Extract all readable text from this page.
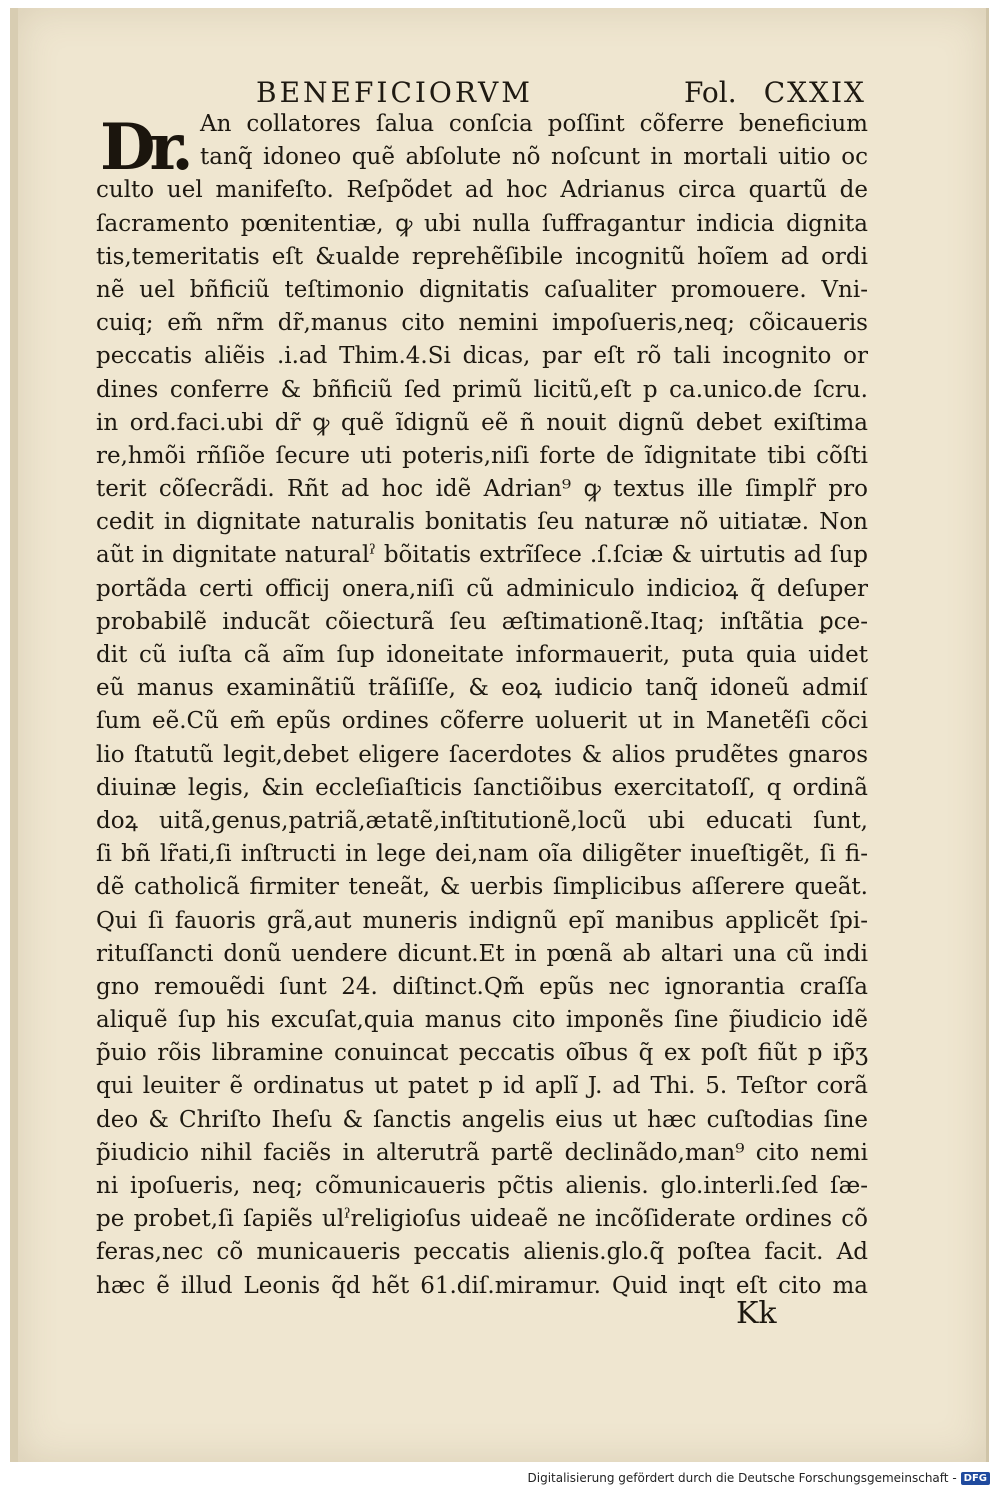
BENEFICIORVM	Fol. CXXIX
An collatores ſalua conſcia poſſint cõferre beneficium
tanq̃ idoneo quẽ abſolute nõ noſcunt in mortali uitio oc
culto uel manifeſto. Reſpõdet ad hoc Adrianus circa quartũ de
ſacramento pœnitentiæ, ꝙ ubi nulla ſuffragantur indicia dignita
tis,temeritatis eſt &ualde reprehẽſibile incognitũ hoĩem ad ordi
nẽ uel bñficiũ teſtimonio dignitatis caſualiter promouere. Vni‑
cuiq; em̃ nr̃m dr̃,manus cito nemini impoſueris,neq; cõicaueris
peccatis aliẽis .i.ad Thim.4.Si dicas, par eſt rõ tali incognito or
dines conferre & bñficiũ ſed primũ licitũ,eſt p ca.unico.de ſcru.
in ord.faci.ubi dr̃ ꝙ quẽ ĩdignũ eẽ ñ nouit dignũ debet exiſtima
re,hmõi rñſiõe ſecure uti poteris,niſi forte de ĩdignitate tibi cõſti
terit cõſecrãdi. Rñt ad hoc idẽ Adrian⁹ ꝙ textus ille ſimplr̃ pro
cedit in dignitate naturalis bonitatis ſeu naturæ nõ uitiatæ. Non
aũt in dignitate naturalˀ bõitatis extrĩſece .ſ.ſciæ & uirtutis ad ſup
portãda certi officij onera,niſi cũ adminiculo indicioꝝ q̃ deſuper
probabilẽ inducãt cõiecturã ſeu æſtimationẽ.Itaq; inſtãtia ꝑce‑
dit cũ iuſta cã aĩm ſup idoneitate informauerit, puta quia uidet
eũ manus examinãtiũ trãſiſſe, & eoꝝ iudicio tanq̃ idoneũ admiſ
ſum eẽ.Cũ em̃ epũs ordines cõferre uoluerit ut in Manetẽſi cõci
lio ſtatutũ legit,debet eligere ſacerdotes & alios prudẽtes gnaros
diuinæ legis, &in eccleſiaſticis ſanctiõibus exercitatoſſ, q ordinã
doꝝ uitã,genus,patriã,ætatẽ,inſtitutionẽ,locũ ubi educati ſunt,
ſi bñ lr̃ati,ſi inſtructi in lege dei,nam oĩa diligẽter inueſtigẽt, ſi fi‑
dẽ catholicã firmiter teneãt, & uerbis ſimplicibus aſſerere queãt.
Qui ſi fauoris grã,aut muneris indignũ epĩ manibus applicẽt ſpi‑
rituſſancti donũ uendere dicunt.Et in pœnã ab altari una cũ indi
gno remouẽdi ſunt 24. diſtinct.Qm̃ epũs nec ignorantia craſſa
aliquẽ ſup his excuſat,quia manus cito imponẽs ſine p̃iudicio idẽ
p̃uio rõis libramine conuincat peccatis oĩbus q̃ ex poſt fiũt p ip̃ʒ
qui leuiter ẽ ordinatus ut patet p id aplĩ J. ad Thi. 5. Teſtor corã
deo & Chriſto Iheſu & ſanctis angelis eius ut hæc cuſtodias ſine
p̃iudicio nihil faciẽs in alterutrã partẽ declinãdo,man⁹ cito nemi
ni ipoſueris, neq; cõmunicaueris pc̃tis alienis. glo.interli.ſed ſæ‑
pe probet,ſi ſapiẽs ulˀreligioſus uideaẽ ne incõſiderate ordines cõ
feras,nec cõ municaueris peccatis alienis.glo.q̃ poſtea facit. Ad
hæc ẽ illud Leonis q̃d hẽt 61.diſ.miramur. Quid inqt eſt cito ma
Dr.
Kk
Digitalisierung gefördert durch die Deutsche Forschungsgemeinschaft - DFG
